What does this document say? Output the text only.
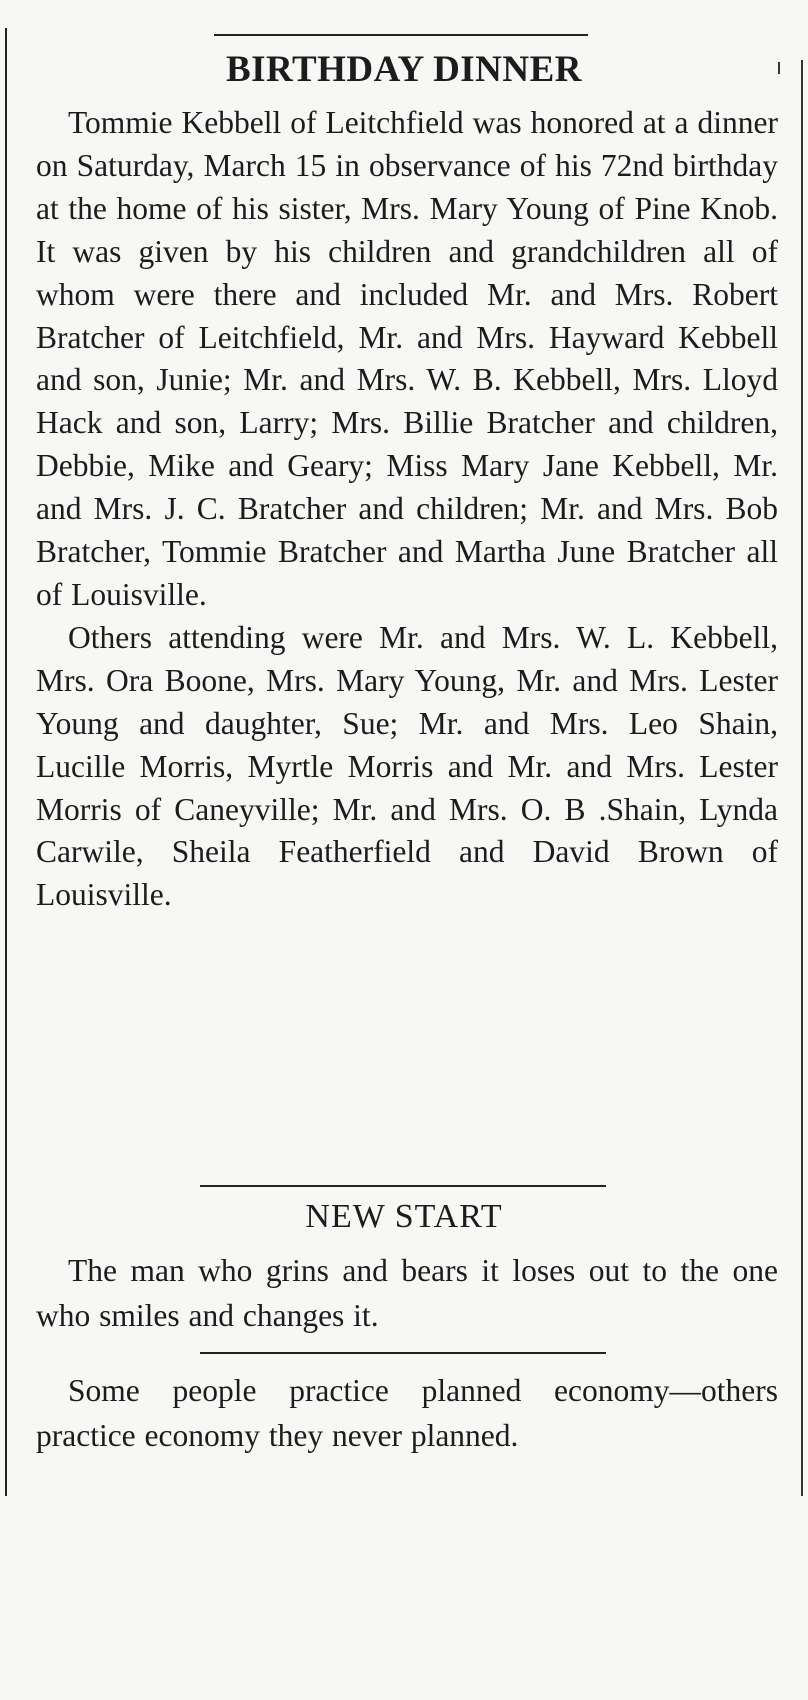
BIRTHDAY DINNER

Tommie Kebbell of Leitchfield was honored at a dinner on Saturday, March 15 in observance of his 72nd birthday at the home of his sister, Mrs. Mary Young of Pine Knob. It was given by his children and grandchildren all of whom were there and included Mr. and Mrs. Robert Bratcher of Leitchfield, Mr. and Mrs. Hayward Kebbell and son, Junie; Mr. and Mrs. W. B. Kebbell, Mrs. Lloyd Hack and son, Larry; Mrs. Billie Bratcher and children, Debbie, Mike and Geary; Miss Mary Jane Kebbell, Mr. and Mrs. J. C. Bratcher and children; Mr. and Mrs. Bob Bratcher, Tommie Bratcher and Martha June Bratcher all of Louisville.

Others attending were Mr. and Mrs. W. L. Kebbell, Mrs. Ora Boone, Mrs. Mary Young, Mr. and Mrs. Lester Young and daughter, Sue; Mr. and Mrs. Leo Shain, Lucille Morris, Myrtle Morris and Mr. and Mrs. Lester Morris of Caneyville; Mr. and Mrs. O. B .Shain, Lynda Carwile, Sheila Featherfield and David Brown of Louisville.

NEW START

The man who grins and bears it loses out to the one who smiles and changes it.

Some people practice planned economy—others practice economy they never planned.
